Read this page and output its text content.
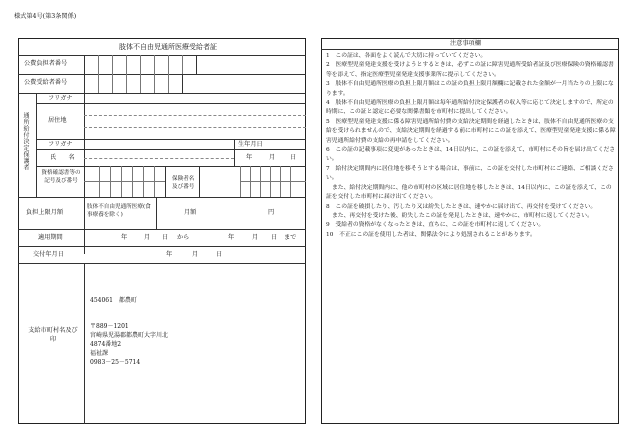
様式第4号(第3条関係)
肢体不自由児通所医療受給者証
公費負担者番号
公費受給者番号
通所給付決定保護者
フリガナ
居住地
フリガナ	生年月日
氏　　名	年	月 日
資格確認書等の記号及び番号	保険者名及び番号
負担上限月額
肢体不自由児通所医療(食事療養を除く)	月額	円
適用期間	年	月 日 から	年	月 日 まで
交付年月日	年	月	日
支給市町村名及び印
454061　都農町
〒889－1201
宮崎県児湯郡都農町大字川北
4874番地2
福祉課
0983－25－5714
注意事項欄
1　この証は、各面をよく読んで大切に持っていてください。
2　医療型児童発達支援を受けようとするときは、必ずこの証に障害児通所受給者証及び医療保険の資格確認書等を添えて、指定医療型児童発達支援事業所に提示してください。
3　肢体不自由児通所医療の負担上限月額はこの証の負担上限月額欄に記載された金額が一月当たりの上限になります。
4　肢体不自由児通所医療の負担上限月額は毎年通所給付決定保護者の収入等に応じて決定しますので、所定の時期に、この証と認定に必要な関係書類を市町村に提出してください。
5　医療型児童発達支援に係る障害児通所給付費の支給決定期間を経過したときは、肢体不自由児通所医療の支給を受けられませんので、支給決定期間を経過する前に市町村にこの証を添えて、医療型児童発達支援に係る障害児通所給付費の支給の再申請をしてください。
6　この証の記載事項に変更があったときは、14日以内に、この証を添えて、市町村にその旨を届け出てください。
7　給付決定期間内に居住地を移そうとする場合は、事前に、この証を交付した市町村にご連絡、ご相談ください。
また、給付決定期間内に、他の市町村の区域に居住地を移したときは、14日以内に、この証を添えて、この証を交付した市町村に届け出てください。
8　この証を破損したり、汚したり又は紛失したときは、速やかに届け出て、再交付を受けてください。
また、再交付を受けた後、紛失したこの証を発見したときは、速やかに、市町村に返してください。
9　受給者の資格がなくなったときは、直ちに、この証を市町村に返してください。
10　不正にこの証を使用した者は、関係法令により処罰されることがあります。
